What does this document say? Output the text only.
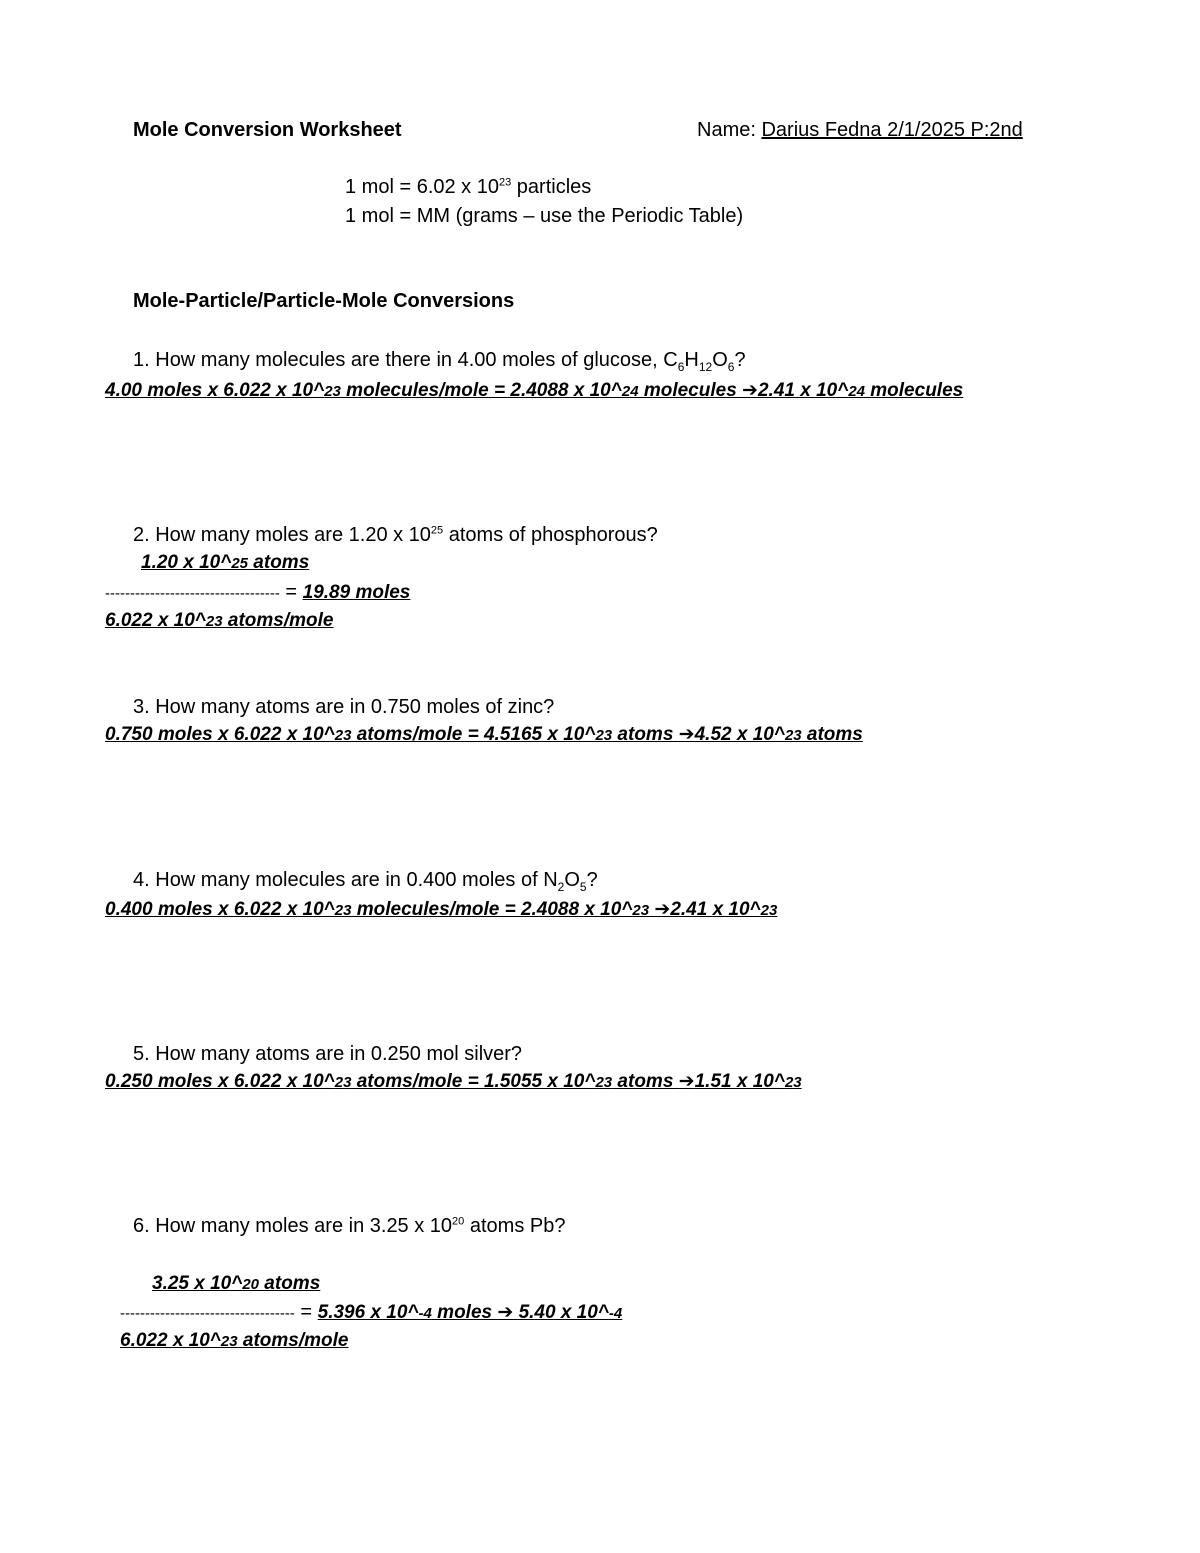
Mole Conversion Worksheet	Name: Darius Fedna 2/1/2025 P:2nd
1 mol = 6.02 x $10^{23}$ particles
1 mol = MM (grams – use the Periodic Table)
Mole-Particle/Particle-Mole Conversions
1. How many molecules are there in 4.00 moles of glucose, $C_6H_{12}O_6$?
4.00 moles x 6.022 x 10^23 molecules/mole = 2.4088 x 10^24 molecules ➔2.41 x 10^24 molecules
2. How many moles are 1.20 x $10^{25}$ atoms of phosphorous?
1.20 x 10^25 atoms
----------------------------------- = 19.89 moles
6.022 x 10^23 atoms/mole
3. How many atoms are in 0.750 moles of zinc?
0.750 moles x 6.022 x 10^23 atoms/mole = 4.5165 x 10^23 atoms ➔4.52 x 10^23 atoms
4. How many molecules are in 0.400 moles of $N_2O_5$?
0.400 moles x 6.022 x 10^23 molecules/mole = 2.4088 x 10^23 ➔2.41 x 10^23
5. How many atoms are in 0.250 mol silver?
0.250 moles x 6.022 x 10^23 atoms/mole = 1.5055 x 10^23 atoms ➔1.51 x 10^23
6. How many moles are in 3.25 x $10^{20}$ atoms Pb?
3.25 x 10^20 atoms
----------------------------------- = 5.396 x 10^-4 moles ➔ 5.40 x 10^-4
6.022 x 10^23 atoms/mole
